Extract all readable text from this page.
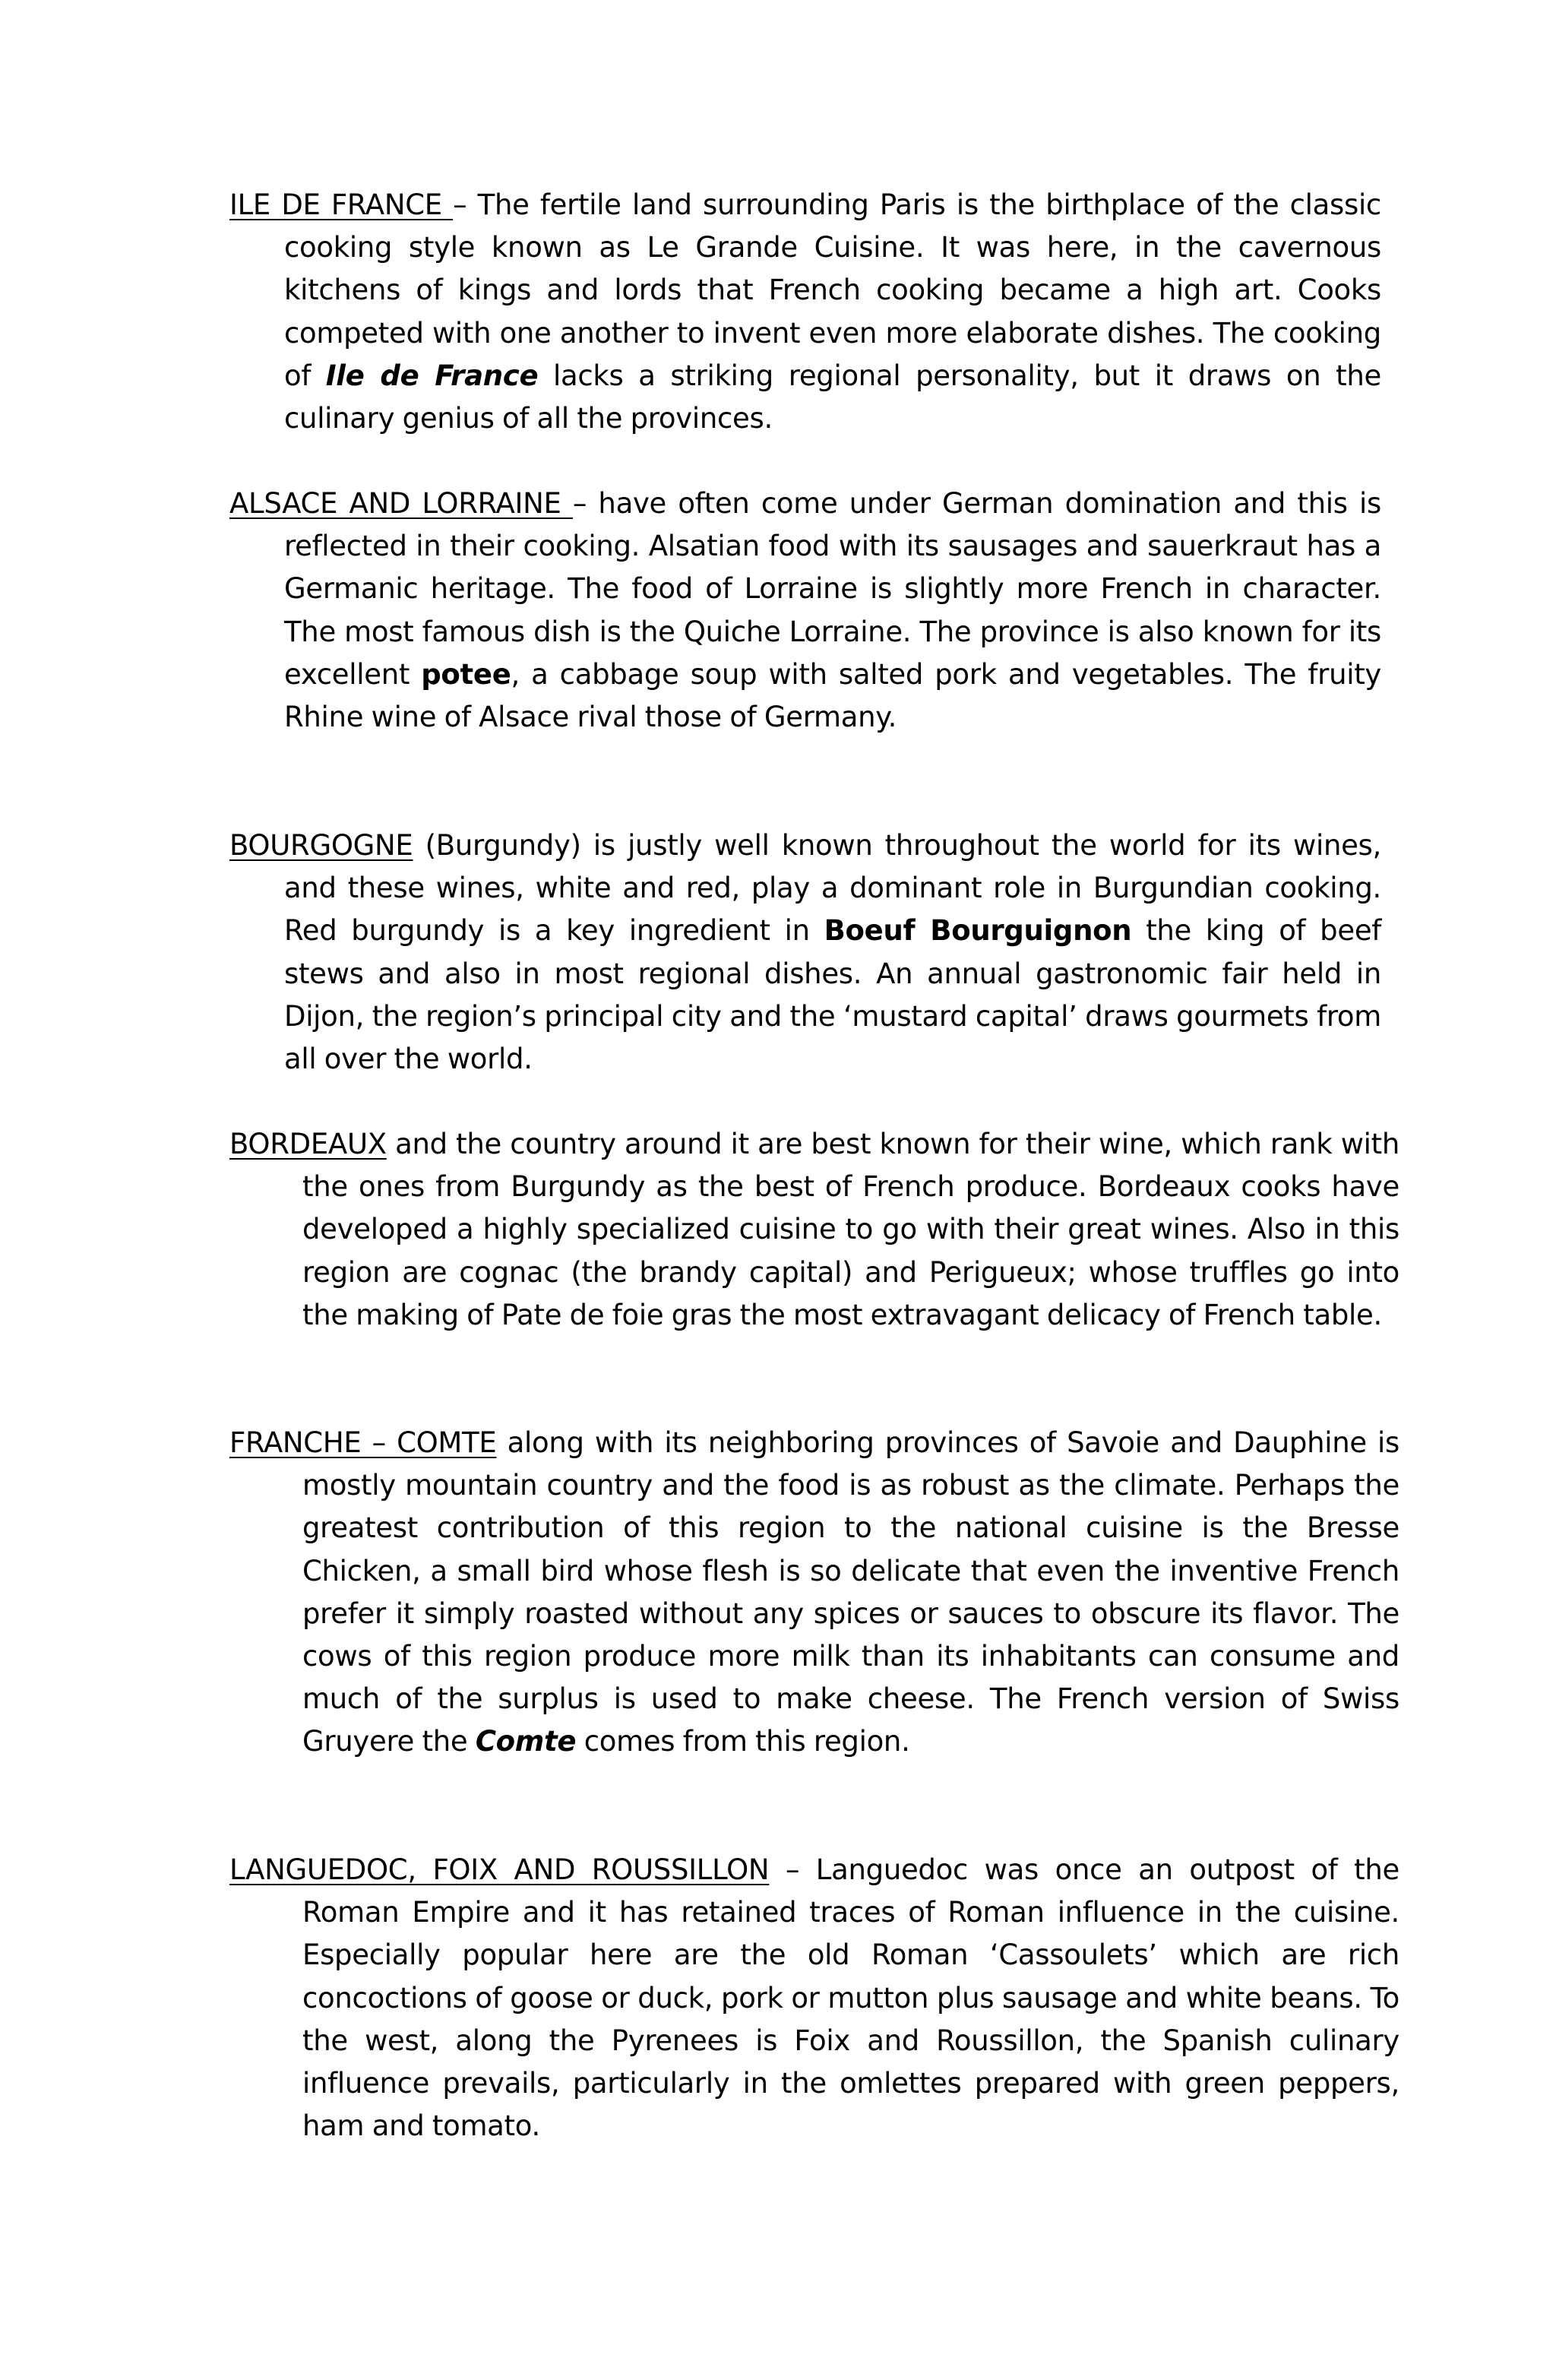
ILE DE FRANCE – The fertile land surrounding Paris is the birthplace of the classic cooking style known as Le Grande Cuisine. It was here, in the cavernous kitchens of kings and lords that French cooking became a high art. Cooks competed with one another to invent even more elaborate dishes. The cooking of Ile de France lacks a striking regional personality, but it draws on the culinary genius of all the provinces.

ALSACE AND LORRAINE – have often come under German domination and this is reflected in their cooking. Alsatian food with its sausages and sauerkraut has a Germanic heritage. The food of Lorraine is slightly more French in character. The most famous dish is the Quiche Lorraine. The province is also known for its excellent potee, a cabbage soup with salted pork and vegetables. The fruity Rhine wine of Alsace rival those of Germany.

BOURGOGNE (Burgundy) is justly well known throughout the world for its wines, and these wines, white and red, play a dominant role in Burgundian cooking. Red burgundy is a key ingredient in Boeuf Bourguignon the king of beef stews and also in most regional dishes. An annual gastronomic fair held in Dijon, the region’s principal city and the ‘mustard capital’ draws gourmets from all over the world.

BORDEAUX and the country around it are best known for their wine, which rank with the ones from Burgundy as the best of French produce. Bordeaux cooks have developed a highly specialized cuisine to go with their great wines. Also in this region are cognac (the brandy capital) and Perigueux; whose truffles go into the making of Pate de foie gras the most extravagant delicacy of French table.

FRANCHE – COMTE along with its neighboring provinces of Savoie and Dauphine is mostly mountain country and the food is as robust as the climate. Perhaps the greatest contribution of this region to the national cuisine is the Bresse Chicken, a small bird whose flesh is so delicate that even the inventive French prefer it simply roasted without any spices or sauces to obscure its flavor. The cows of this region produce more milk than its inhabitants can consume and much of the surplus is used to make cheese. The French version of Swiss Gruyere the Comte comes from this region.

LANGUEDOC, FOIX AND ROUSSILLON – Languedoc was once an outpost of the Roman Empire and it has retained traces of Roman influence in the cuisine. Especially popular here are the old Roman ‘Cassoulets’ which are rich concoctions of goose or duck, pork or mutton plus sausage and white beans. To the west, along the Pyrenees is Foix and Roussillon, the Spanish culinary influence prevails, particularly in the omlettes prepared with green peppers, ham and tomato.
